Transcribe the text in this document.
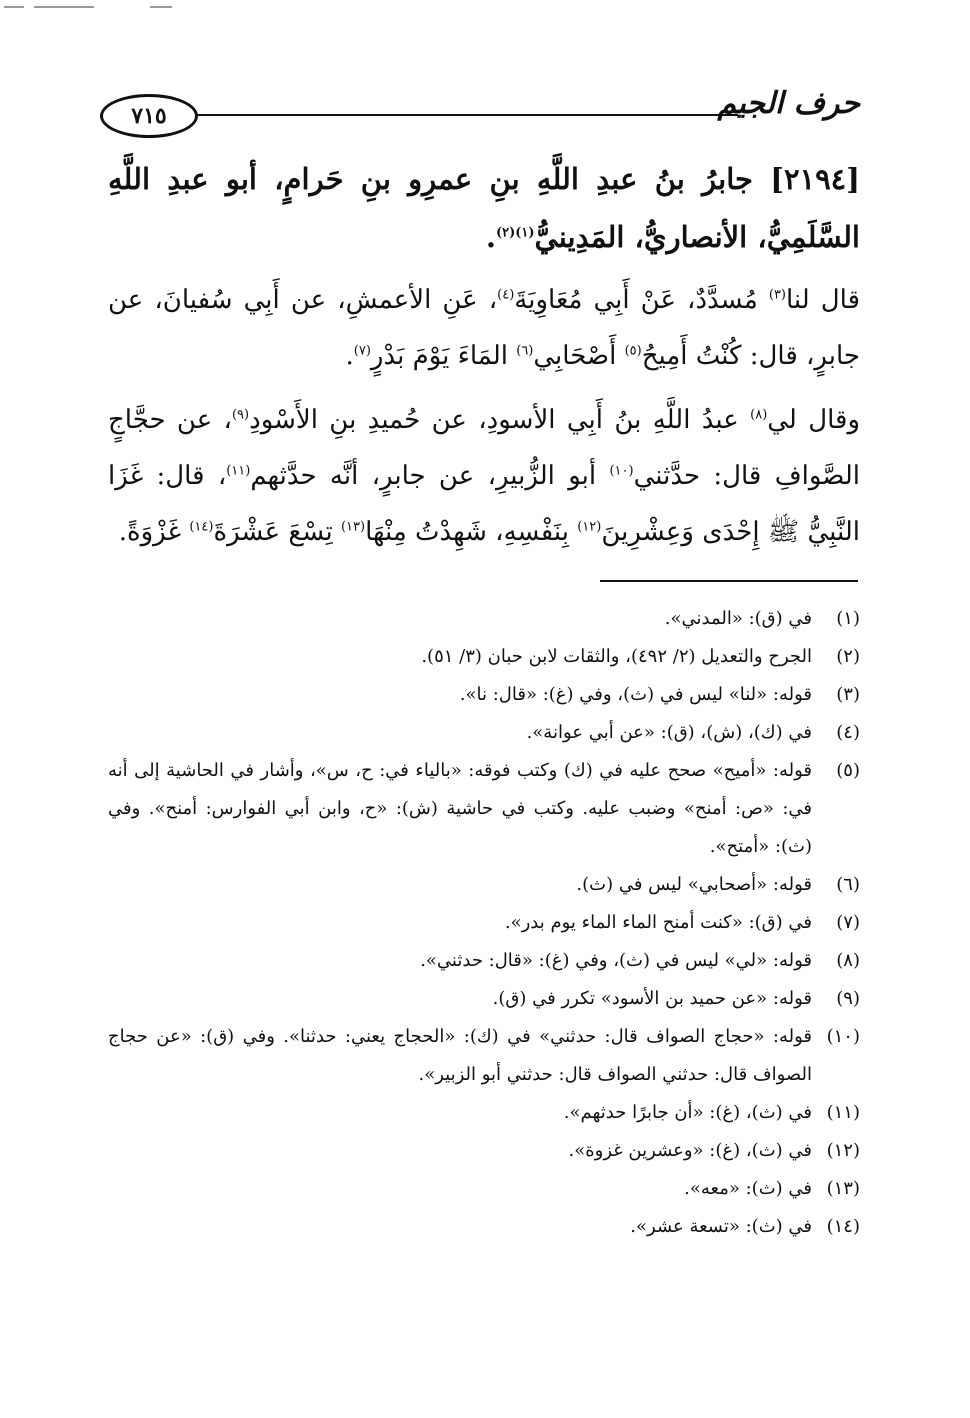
٧١٥	حرف الجيم

[٢١٩٤] جابرُ بنُ عبدِ اللَّهِ بنِ عمرِو بنِ حَرامٍ، أبو عبدِ اللَّهِ السَّلَمِيُّ، الأنصاريُّ، المَدِينيُّ$^{(١)(٢)}$.

قال لنا$^{(٣)}$ مُسدَّدٌ، عَنْ أَبِي مُعَاوِيَةَ$^{(٤)}$، عَنِ الأعمشِ، عن أَبِي سُفيانَ، عن جابرٍ، قال: كُنْتُ أَمِيحُ$^{(٥)}$ أَصْحَابِي$^{(٦)}$ المَاءَ يَوْمَ بَدْرٍ$^{(٧)}$.

وقال لي$^{(٨)}$ عبدُ اللَّهِ بنُ أَبِي الأسودِ، عن حُميدِ بنِ الأَسْودِ$^{(٩)}$، عن حجَّاجٍ الصَّوافِ قال: حدَّثني$^{(١٠)}$ أبو الزُّبيرِ، عن جابرٍ، أنَّه حدَّثهم$^{(١١)}$، قال: غَزَا النَّبِيُّ ﷺ إِحْدَى وَعِشْرِينَ$^{(١٢)}$ بِنَفْسِهِ، شَهِدْتُ مِنْهَا$^{(١٣)}$ تِسْعَ عَشْرَةَ$^{(١٤)}$ غَزْوَةً.

(١)
في (ق): «المدني».
(٢)
الجرح والتعديل (٢/ ٤٩٢)، والثقات لابن حبان (٣/ ٥١).
(٣)
قوله: «لنا» ليس في (ث)، وفي (غ): «قال: نا».
(٤)
في (ك)، (ش)، (ق): «عن أبي عوانة».
(٥)
قوله: «أميح» صحح عليه في (ك) وكتب فوقه: «بالياء في: ح، س»، وأشار في الحاشية إلى أنه في: «ص: أمنح» وضبب عليه. وكتب في حاشية (ش): «ح، وابن أبي الفوارس: أمنح». وفي (ث): «أمتح».
(٦)
قوله: «أصحابي» ليس في (ث).
(٧)
في (ق): «كنت أمنح الماء الماء يوم بدر».
(٨)
قوله: «لي» ليس في (ث)، وفي (غ): «قال: حدثني».
(٩)
قوله: «عن حميد بن الأسود» تكرر في (ق).
(١٠)
قوله: «حجاج الصواف قال: حدثني» في (ك): «الحجاج يعني: حدثنا». وفي (ق): «عن حجاج الصواف قال: حدثني الصواف قال: حدثني أبو الزبير».
(١١)
في (ث)، (غ): «أن جابرًا حدثهم».
(١٢)
في (ث)، (غ): «وعشرين غزوة».
(١٣)
في (ث): «معه».
(١٤)
في (ث): «تسعة عشر».
